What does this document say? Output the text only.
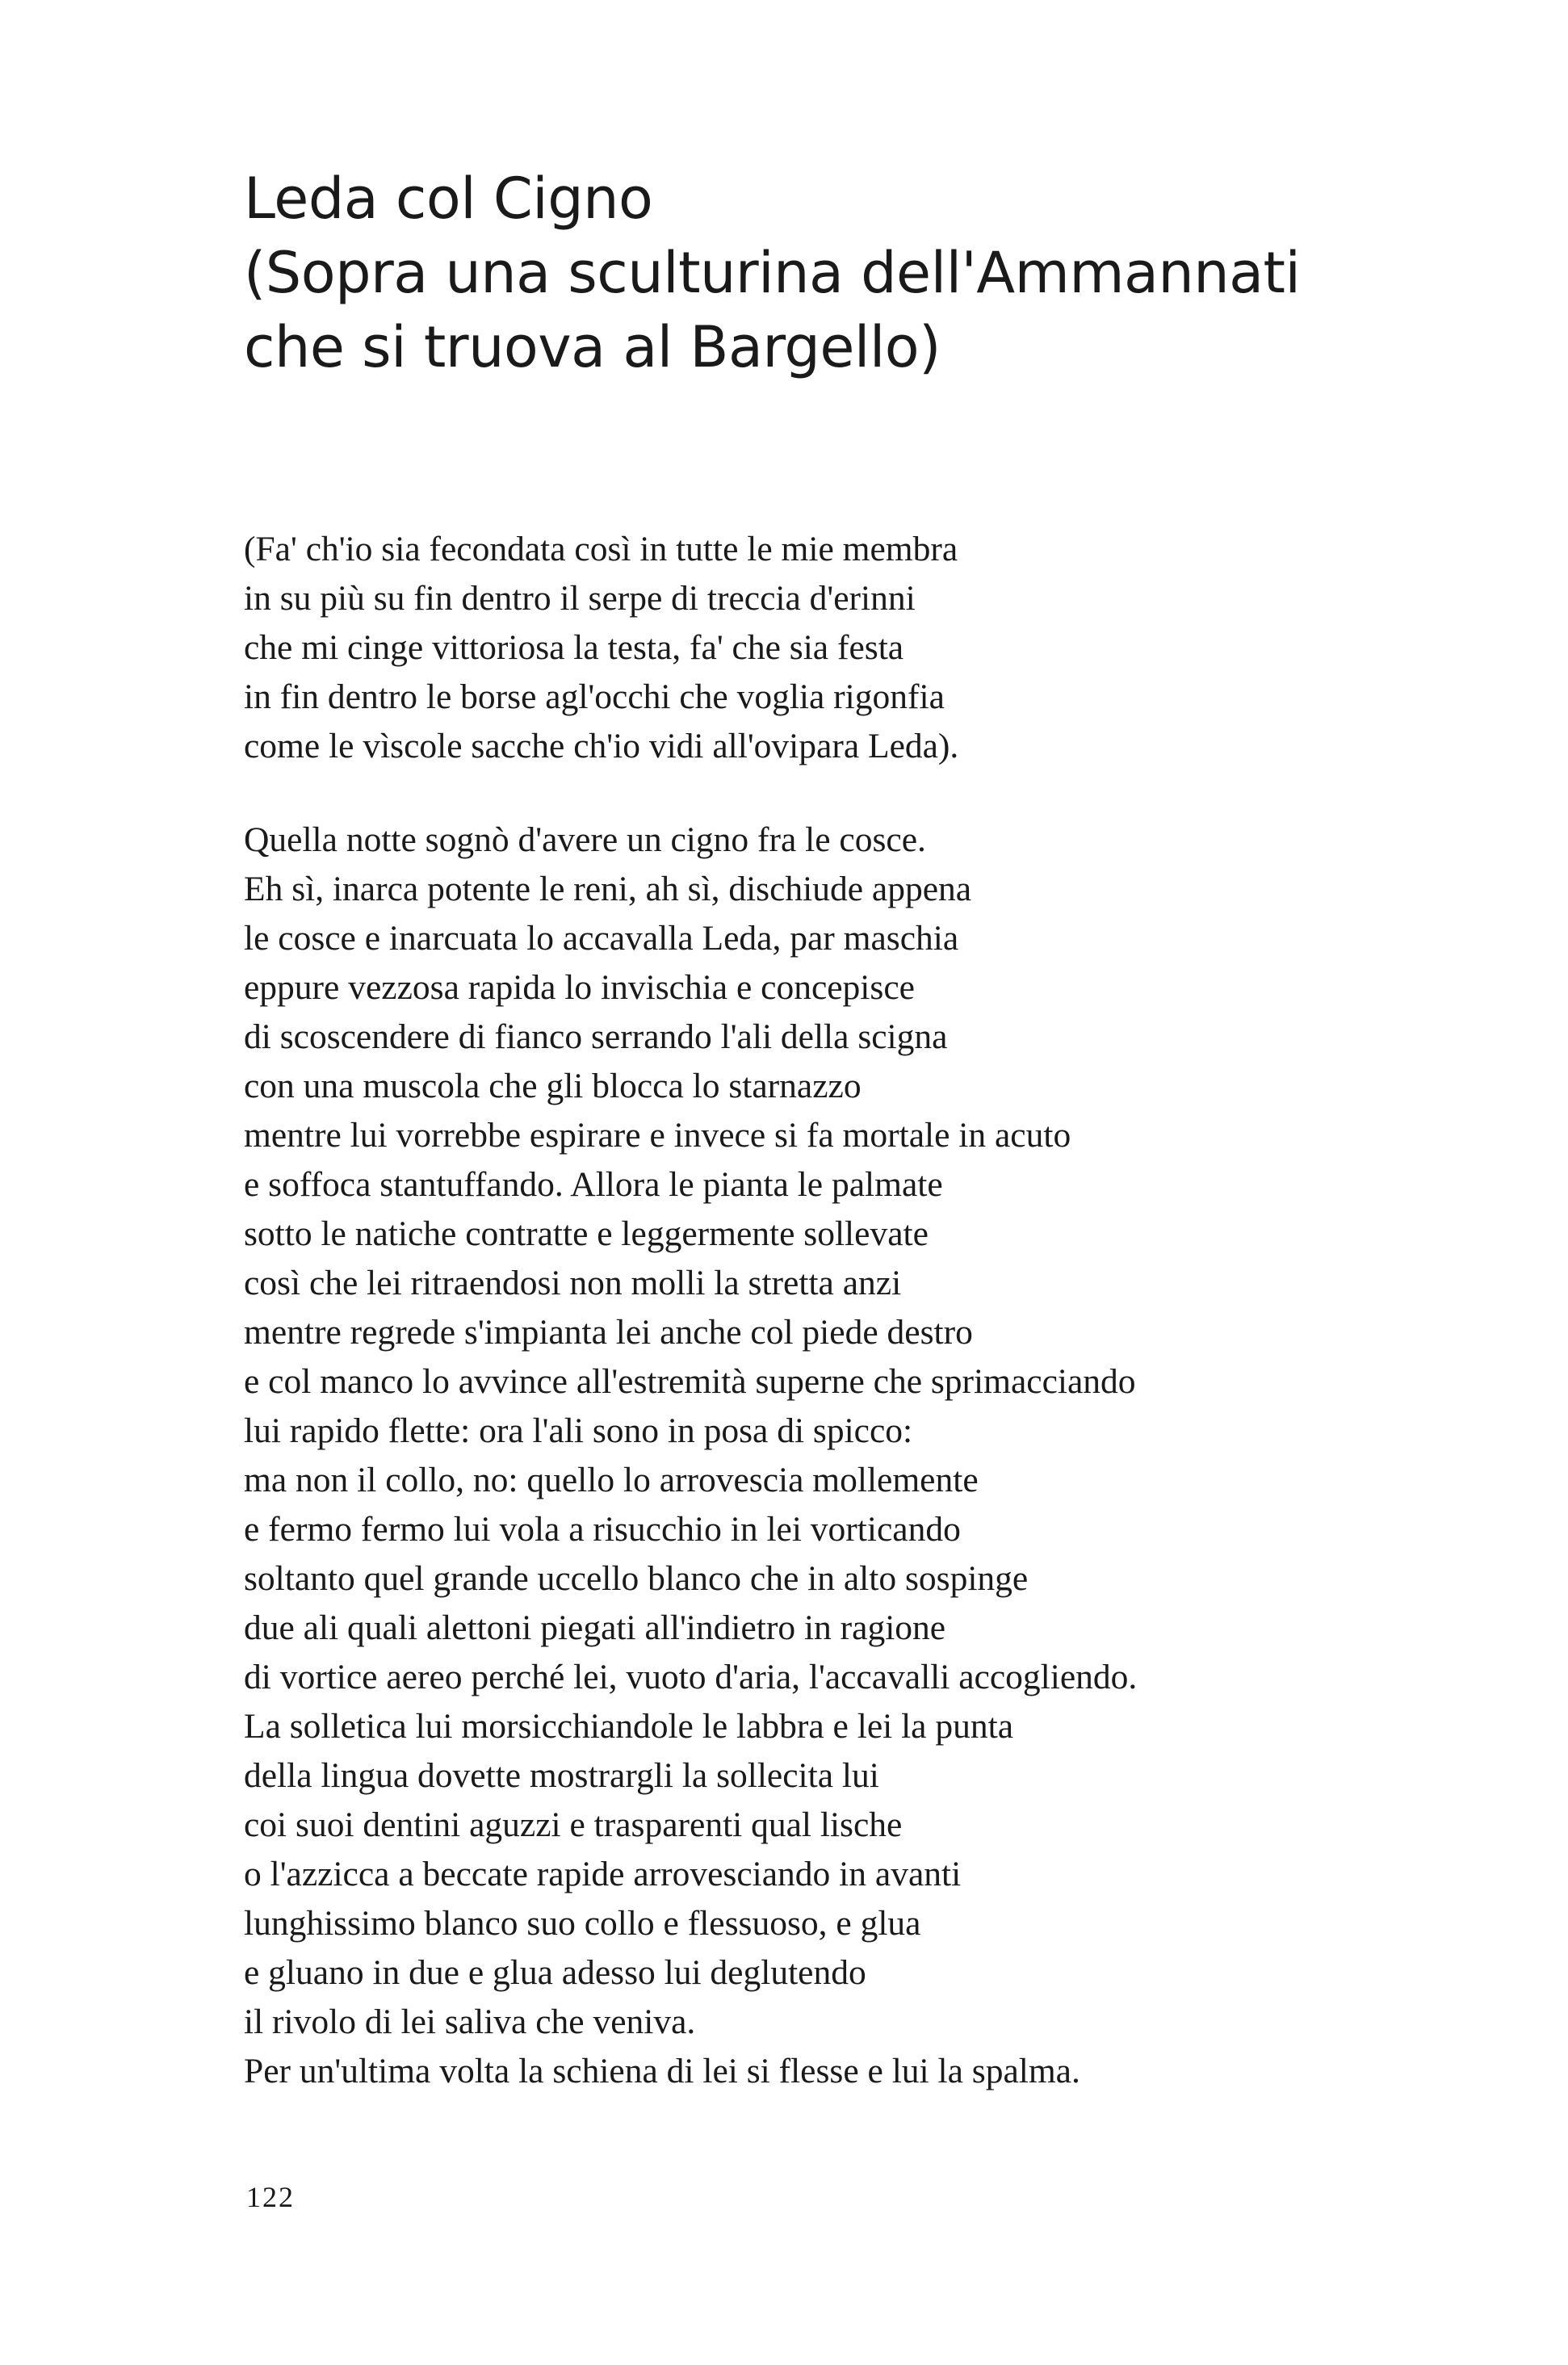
Leda col Cigno
(Sopra una sculturina dell'Ammannati
che si truova al Bargello)
(Fa' ch'io sia fecondata così in tutte le mie membra
in su più su fin dentro il serpe di treccia d'erinni
che mi cinge vittoriosa la testa, fa' che sia festa
in fin dentro le borse agl'occhi che voglia rigonfia
come le vìscole sacche ch'io vidi all'ovipara Leda).
Quella notte sognò d'avere un cigno fra le cosce.
Eh sì, inarca potente le reni, ah sì, dischiude appena
le cosce e inarcuata lo accavalla Leda, par maschia
eppure vezzosa rapida lo invischia e concepisce
di scoscendere di fianco serrando l'ali della scigna
con una muscola che gli blocca lo starnazzo
mentre lui vorrebbe espirare e invece si fa mortale in acuto
e soffoca stantuffando. Allora le pianta le palmate
sotto le natiche contratte e leggermente sollevate
così che lei ritraendosi non molli la stretta anzi
mentre regrede s'impianta lei anche col piede destro
e col manco lo avvince all'estremità superne che sprimacciando
lui rapido flette: ora l'ali sono in posa di spicco:
ma non il collo, no: quello lo arrovescia mollemente
e fermo fermo lui vola a risucchio in lei vorticando
soltanto quel grande uccello blanco che in alto sospinge
due ali quali alettoni piegati all'indietro in ragione
di vortice aereo perché lei, vuoto d'aria, l'accavalli accogliendo.
La solletica lui morsicchiandole le labbra e lei la punta
della lingua dovette mostrargli la sollecita lui
coi suoi dentini aguzzi e trasparenti qual lische
o l'azzicca a beccate rapide arrovesciando in avanti
lunghissimo blanco suo collo e flessuoso, e glua
e gluano in due e glua adesso lui deglutendo
il rivolo di lei saliva che veniva.
Per un'ultima volta la schiena di lei si flesse e lui la spalma.
122
